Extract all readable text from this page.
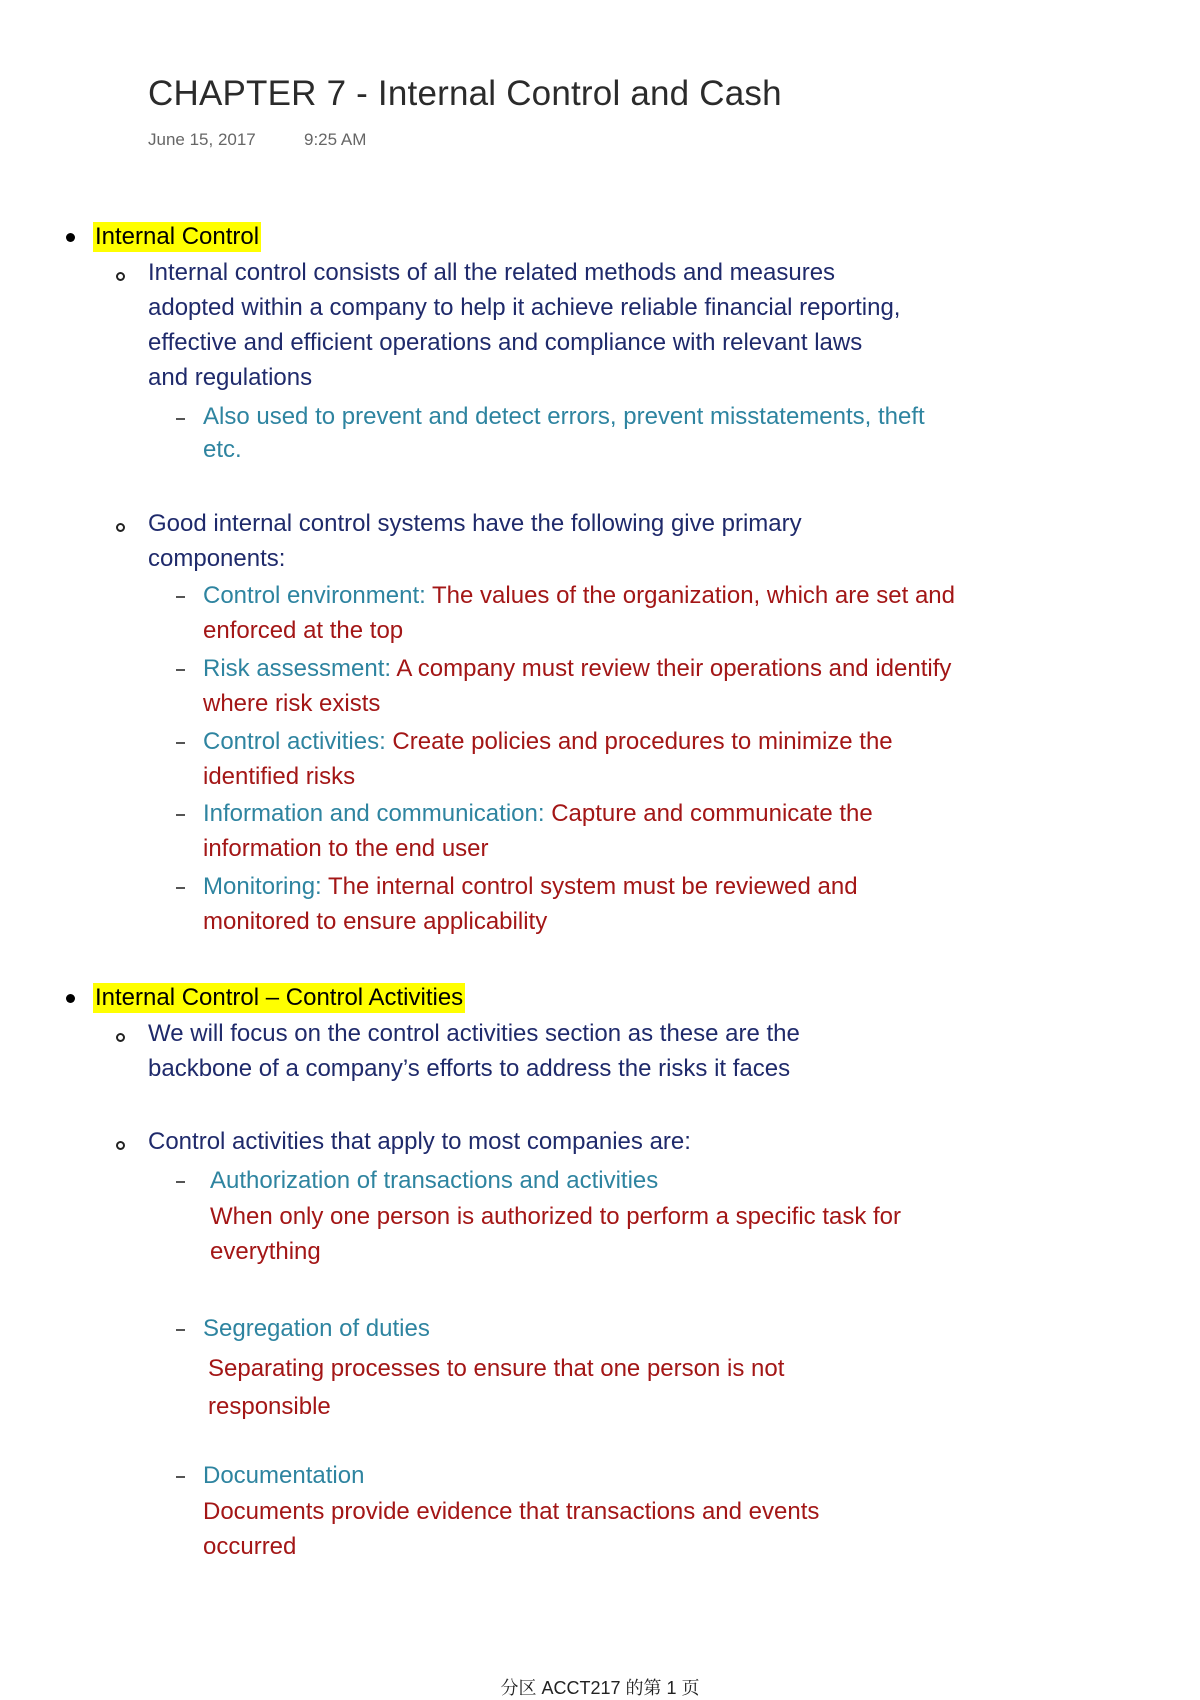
CHAPTER 7 - Internal Control and Cash
June 15, 2017	9:25 AM
Internal Control
Internal control consists of all the related methods and measures adopted within a company to help it achieve reliable financial reporting, effective and efficient operations and compliance with relevant laws and regulations
Also used to prevent and detect errors, prevent misstatements, theft etc.
Good internal control systems have the following give primary components:
Control environment: The values of the organization, which are set and enforced at the top
Risk assessment: A company must review their operations and identify where risk exists
Control activities: Create policies and procedures to minimize the identified risks
Information and communication: Capture and communicate the information to the end user
Monitoring: The internal control system must be reviewed and monitored to ensure applicability
Internal Control – Control Activities
We will focus on the control activities section as these are the backbone of a company’s efforts to address the risks it faces
Control activities that apply to most companies are:
Authorization of transactions and activities
When only one person is authorized to perform a specific task for everything
Segregation of duties
Separating processes to ensure that one person is not responsible
Documentation
Documents provide evidence that transactions and events occurred
分区 ACCT217 的第 1 页
